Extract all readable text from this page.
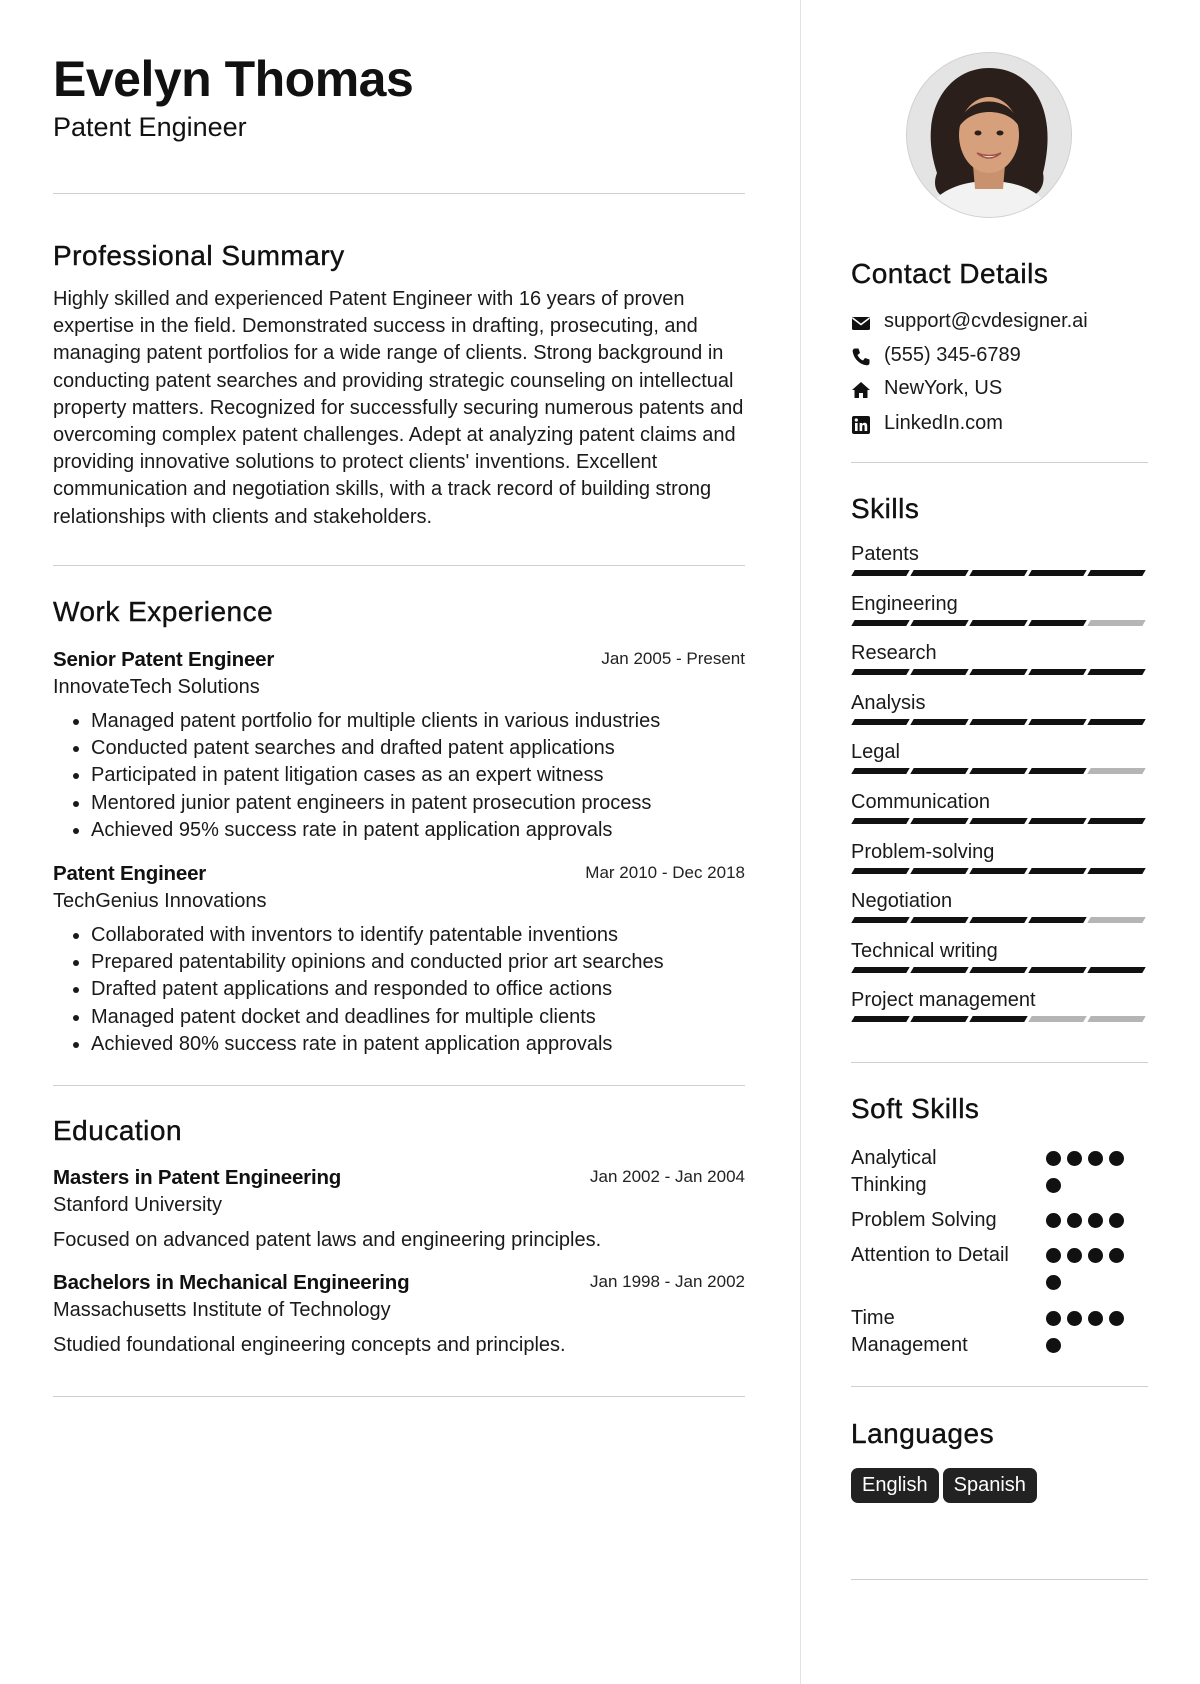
Evelyn Thomas
Patent Engineer
Professional Summary

Highly skilled and experienced Patent Engineer with 16 years of proven expertise in the field. Demonstrated success in drafting, prosecuting, and managing patent portfolios for a wide range of clients. Strong background in conducting patent searches and providing strategic counseling on intellectual property matters. Recognized for successfully securing numerous patents and overcoming complex patent challenges. Adept at analyzing patent claims and providing innovative solutions to protect clients' inventions. Excellent communication and negotiation skills, with a track record of building strong relationships with clients and stakeholders.

Work Experience
Senior Patent Engineer	Jan 2005 - Present
InnovateTech Solutions
• Managed patent portfolio for multiple clients in various industries
• Conducted patent searches and drafted patent applications
• Participated in patent litigation cases as an expert witness
• Mentored junior patent engineers in patent prosecution process
• Achieved 95% success rate in patent application approvals
Patent Engineer	Mar 2010 - Dec 2018
TechGenius Innovations
• Collaborated with inventors to identify patentable inventions
• Prepared patentability opinions and conducted prior art searches
• Drafted patent applications and responded to office actions
• Managed patent docket and deadlines for multiple clients
• Achieved 80% success rate in patent application approvals
Education
Masters in Patent Engineering	Jan 2002 - Jan 2004
Stanford University
Focused on advanced patent laws and engineering principles.
Bachelors in Mechanical Engineering	Jan 1998 - Jan 2002
Massachusetts Institute of Technology
Studied foundational engineering concepts and principles.
Contact Details
support@cvdesigner.ai
(555) 345-6789
NewYork, US
LinkedIn.com
Skills
Patents
Engineering
Research
Analysis
Legal
Communication
Problem-solving
Negotiation
Technical writing
Project management
Soft Skills
Analytical Thinking
Problem Solving
Attention to Detail
Time Management
Languages
English Spanish
